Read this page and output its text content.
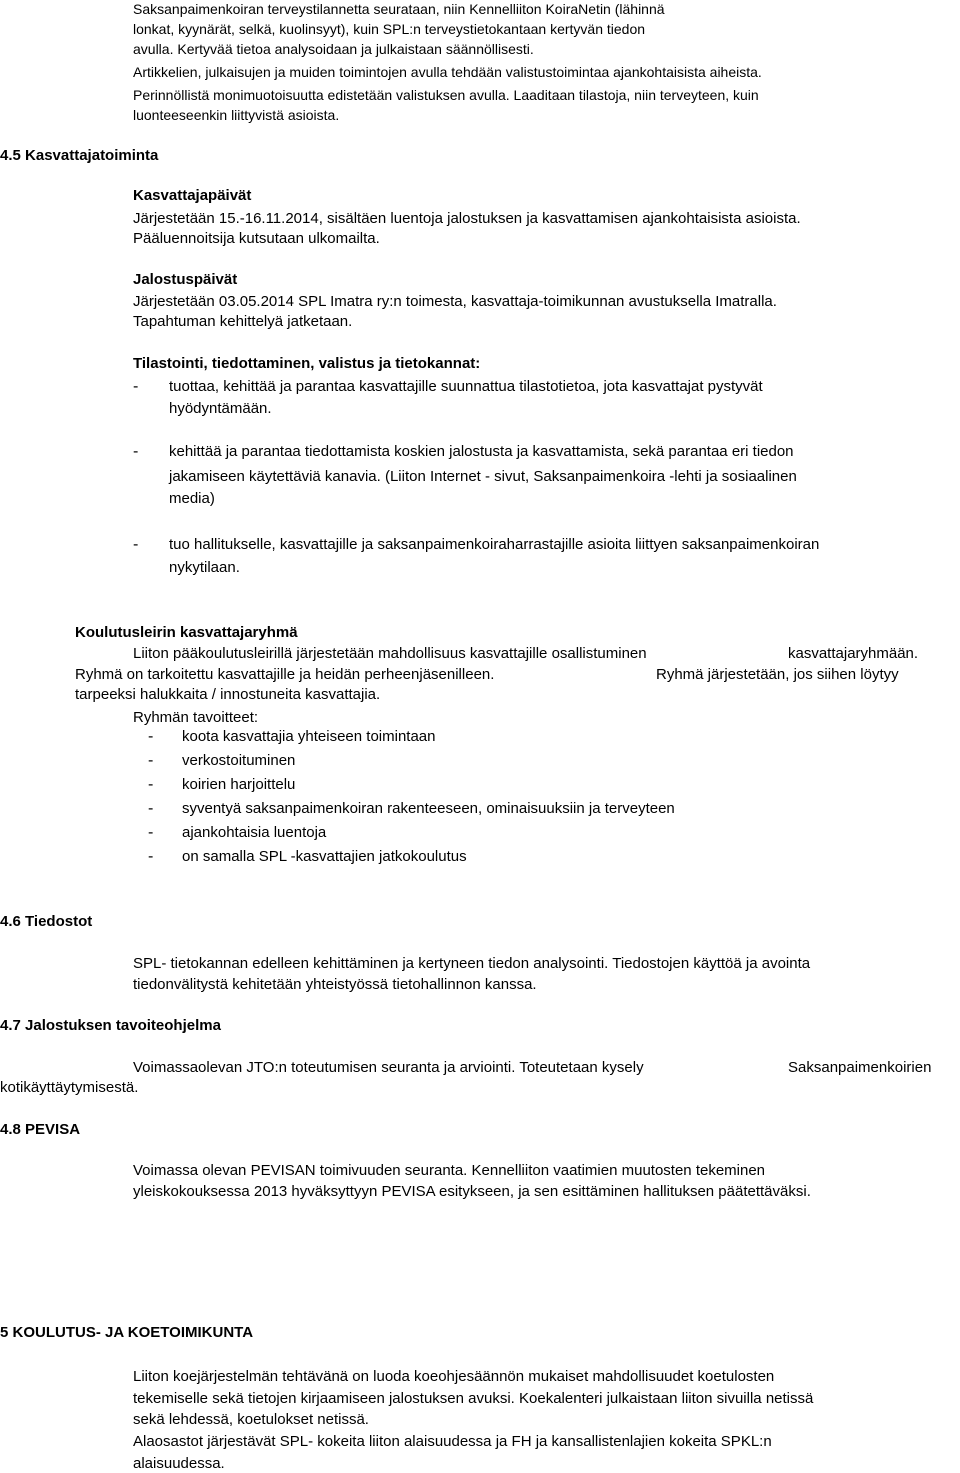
Saksanpaimenkoiran terveystilannetta seurataan, niin Kennelliiton KoiraNetin (lähinnä
lonkat, kyynärät, selkä, kuolinsyyt), kuin SPL:n terveystietokantaan kertyvän tiedon
avulla. Kertyvää tietoa analysoidaan ja julkaistaan säännöllisesti.
Artikkelien, julkaisujen ja muiden toimintojen avulla tehdään valistustoimintaa ajankohtaisista aiheista.
Perinnöllistä monimuotoisuutta edistetään valistuksen avulla. Laaditaan tilastoja, niin terveyteen, kuin
luonteeseenkin liittyvistä asioista.
4.5 Kasvattajatoiminta
Kasvattajapäivät
Järjestetään 15.-16.11.2014, sisältäen luentoja jalostuksen ja kasvattamisen ajankohtaisista asioista.
Pääluennoitsija kutsutaan ulkomailta.
Jalostuspäivät
Järjestetään 03.05.2014 SPL Imatra ry:n toimesta, kasvattaja-toimikunnan avustuksella Imatralla.
Tapahtuman kehittelyä jatketaan.
Tilastointi, tiedottaminen, valistus ja tietokannat:
- tuottaa, kehittää ja parantaa kasvattajille suunnattua tilastotietoa, jota kasvattajat pystyvät
hyödyntämään.
- kehittää ja parantaa tiedottamista koskien jalostusta ja kasvattamista, sekä parantaa eri tiedon
jakamiseen käytettäviä kanavia. (Liiton Internet - sivut, Saksanpaimenkoira -lehti ja sosiaalinen
media)
- tuo hallitukselle, kasvattajille ja saksanpaimenkoiraharrastajille asioita liittyen saksanpaimenkoiran
nykytilaan.
Koulutusleirin kasvattajaryhmä
Liiton pääkoulutusleirillä järjestetään mahdollisuus kasvattajille osallistuminen	kasvattajaryhmään.
Ryhmä on tarkoitettu kasvattajille ja heidän perheenjäsenilleen.	Ryhmä järjestetään, jos siihen löytyy
tarpeeksi halukkaita / innostuneita kasvattajia.
Ryhmän tavoitteet:
- koota kasvattajia yhteiseen toimintaan
- verkostoituminen
- koirien harjoittelu
- syventyä saksanpaimenkoiran rakenteeseen, ominaisuuksiin ja terveyteen
- ajankohtaisia luentoja
- on samalla SPL -kasvattajien jatkokoulutus
4.6 Tiedostot
SPL- tietokannan edelleen kehittäminen ja kertyneen tiedon analysointi. Tiedostojen käyttöä ja avointa
tiedonvälitystä kehitetään yhteistyössä tietohallinnon kanssa.
4.7 Jalostuksen tavoiteohjelma
Voimassaolevan JTO:n toteutumisen seuranta ja arviointi. Toteutetaan kysely	Saksanpaimenkoirien
kotikäyttäytymisestä.
4.8 PEVISA
Voimassa olevan PEVISAN toimivuuden seuranta. Kennelliiton vaatimien muutosten tekeminen
yleiskokouksessa 2013 hyväksyttyyn PEVISA esitykseen, ja sen esittäminen hallituksen päätettäväksi.
5 KOULUTUS- JA KOETOIMIKUNTA
Liiton koejärjestelmän tehtävänä on luoda koeohjesäännön mukaiset mahdollisuudet koetulosten
tekemiselle sekä tietojen kirjaamiseen jalostuksen avuksi. Koekalenteri julkaistaan liiton sivuilla netissä
sekä lehdessä, koetulokset netissä.
Alaosastot järjestävät SPL- kokeita liiton alaisuudessa ja FH ja kansallistenlajien kokeita SPKL:n
alaisuudessa.
